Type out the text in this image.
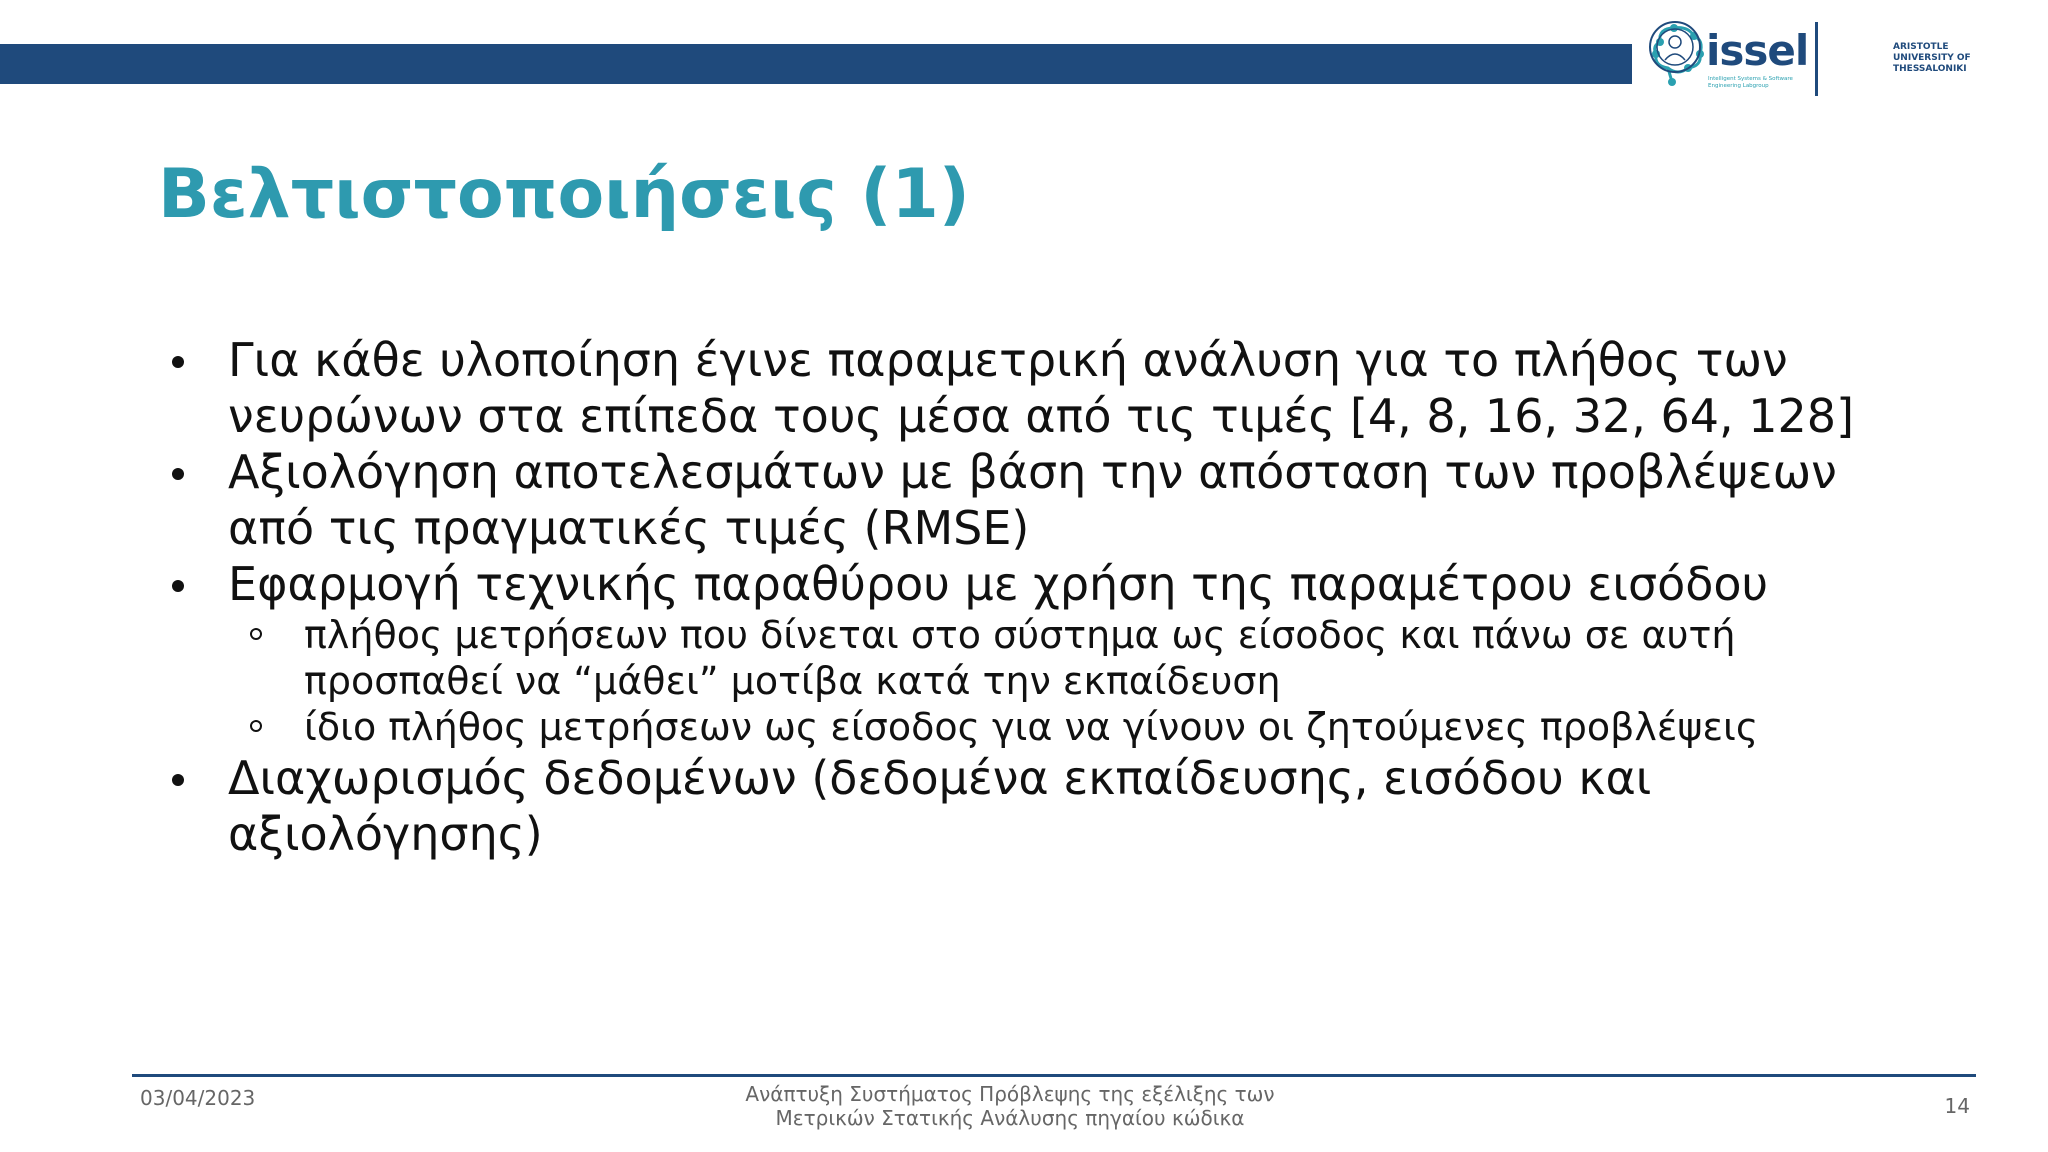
issel
Intelligent Systems & Software Engineering Labgroup
ARISTOTLE UNIVERSITY OF THESSALONIKI
Βελτιστοποιήσεις (1)
Για κάθε υλοποίηση έγινε παραμετρική ανάλυση για το πλήθος των νευρώνων στα επίπεδα τους μέσα από τις τιμές [4, 8, 16, 32, 64, 128]
Αξιολόγηση αποτελεσμάτων με βάση την απόσταση των προβλέψεων από τις πραγματικές τιμές (RMSE)
Εφαρμογή τεχνικής παραθύρου με χρήση της παραμέτρου εισόδου
πλήθος μετρήσεων που δίνεται στο σύστημα ως είσοδος και πάνω σε αυτή προσπαθεί να “μάθει” μοτίβα κατά την εκπαίδευση
ίδιο πλήθος μετρήσεων ως είσοδος για να γίνουν οι ζητούμενες προβλέψεις
Διαχωρισμός δεδομένων (δεδομένα εκπαίδευσης, εισόδου και αξιολόγησης)
03/04/2023	Ανάπτυξη Συστήματος Πρόβλεψης της εξέλιξης των
Μετρικών Στατικής Ανάλυσης πηγαίου κώδικα	14
